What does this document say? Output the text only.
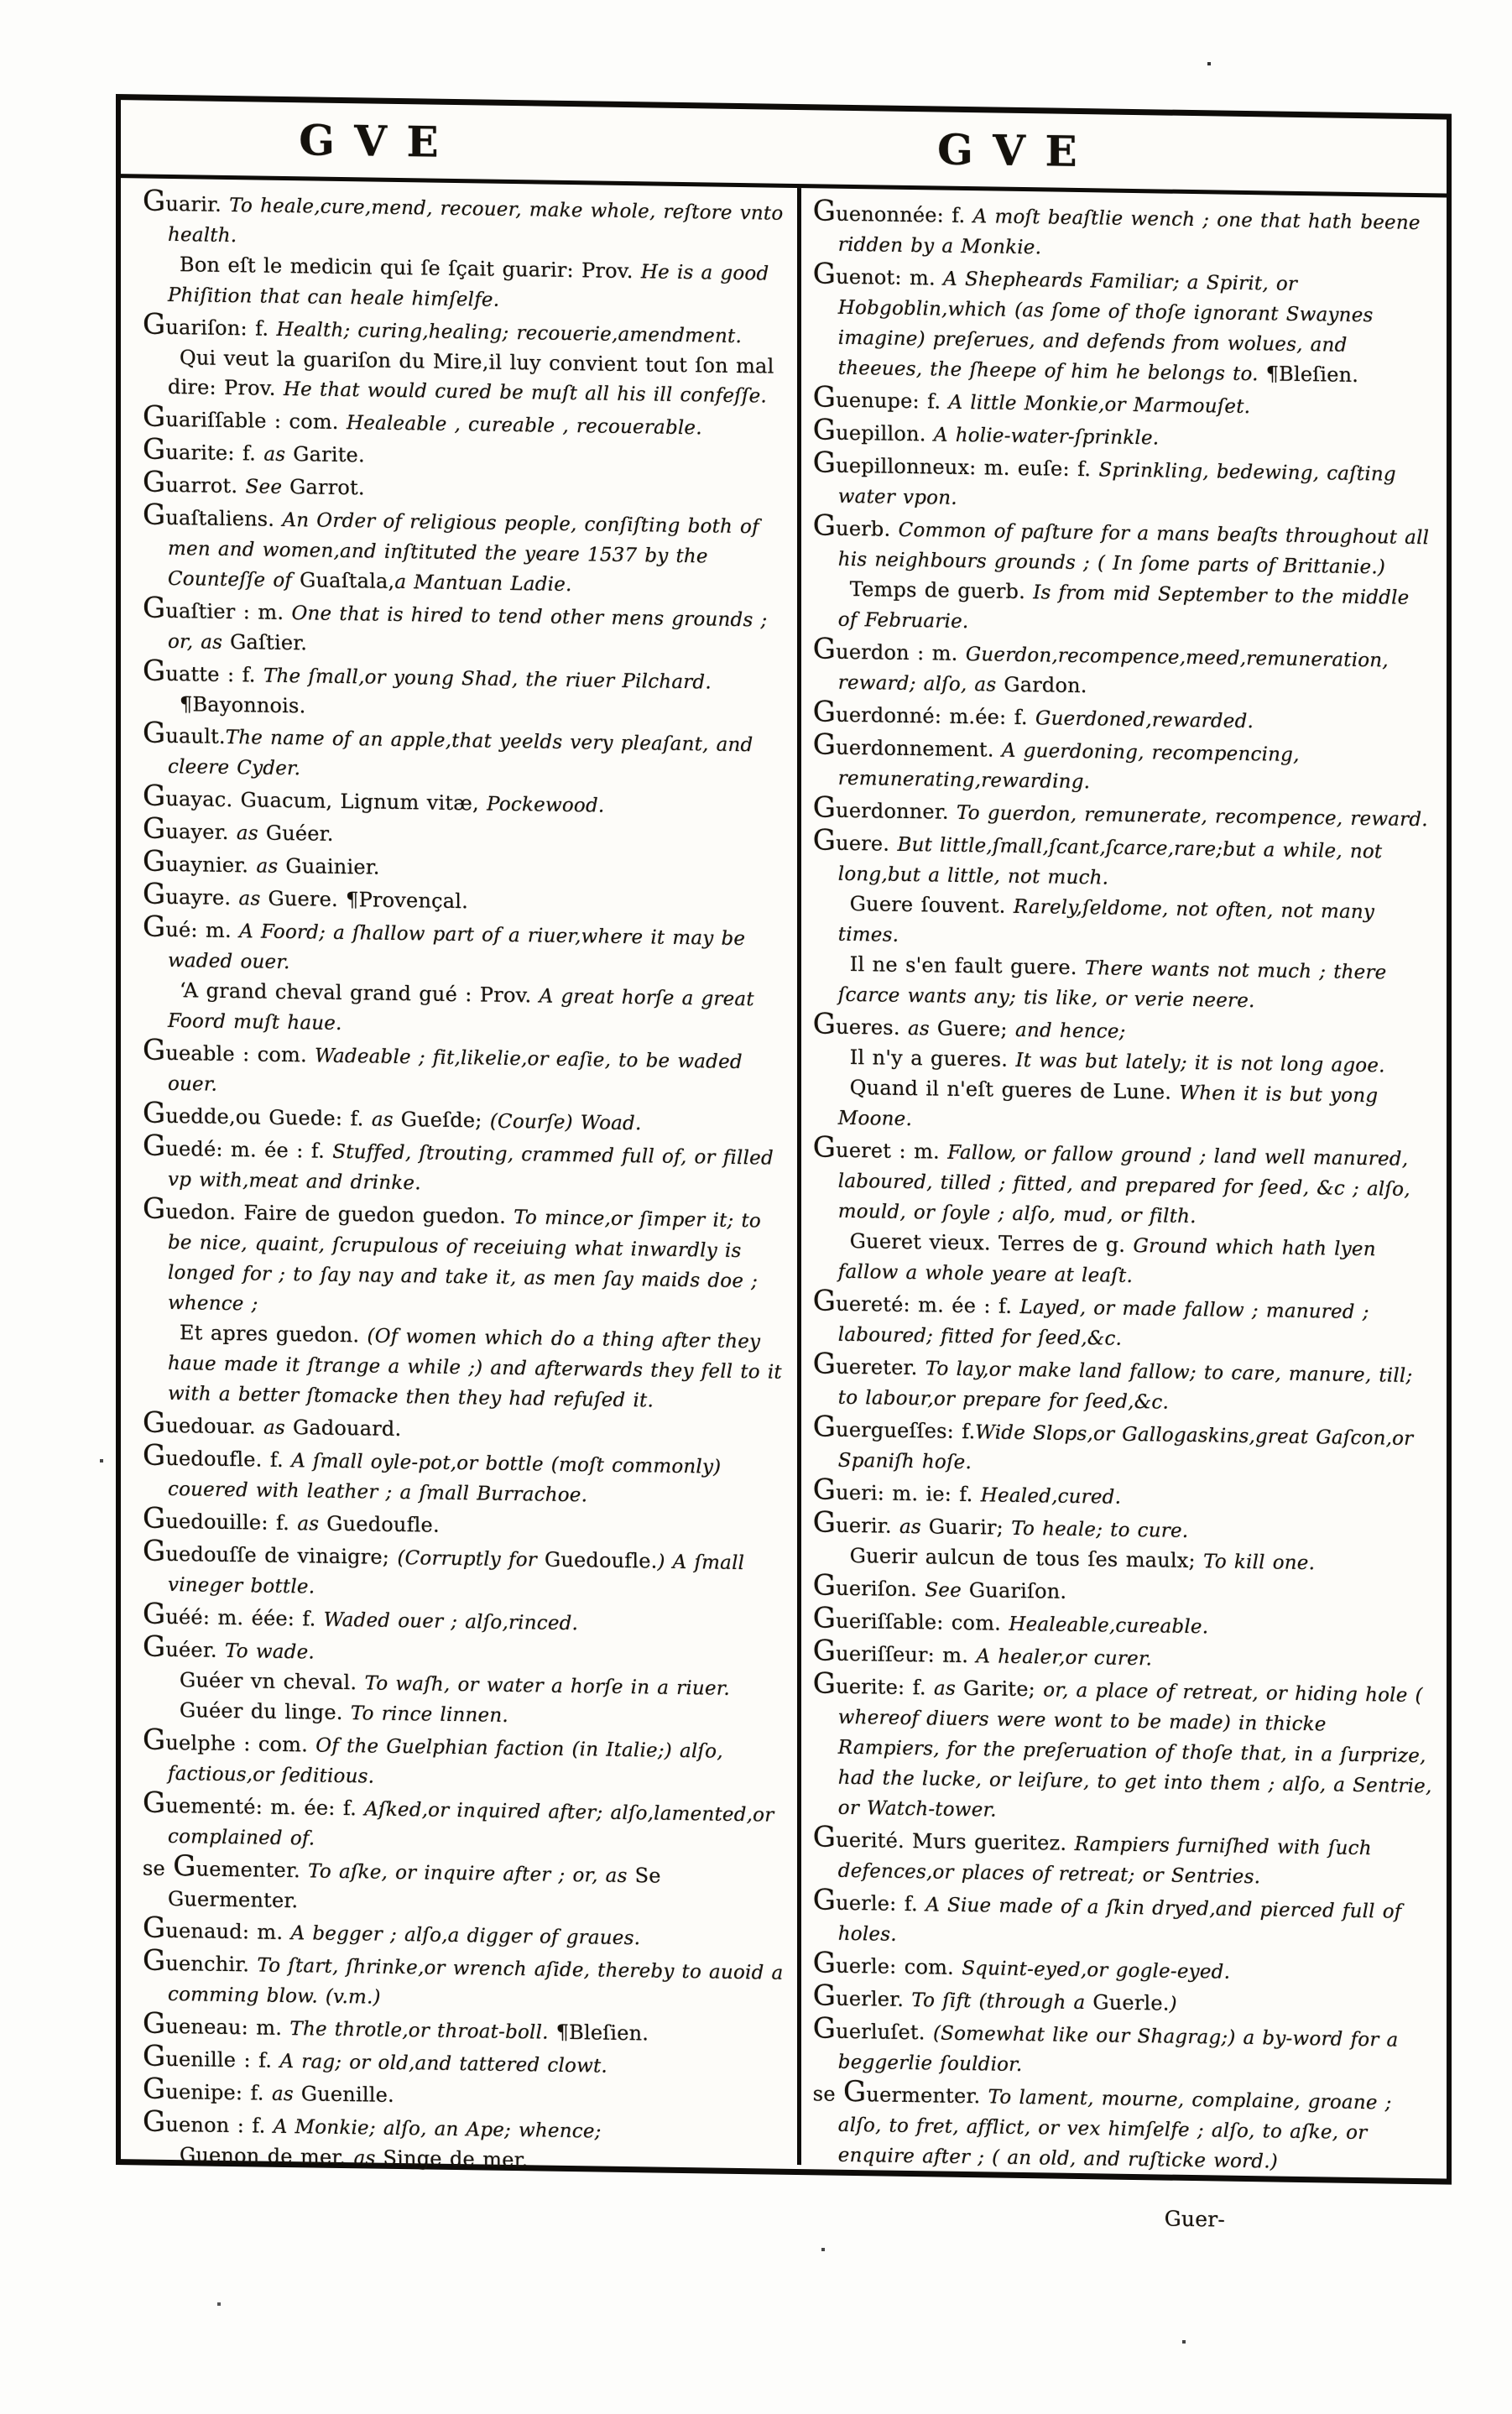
G V E	G V E

Guarir. To heale,cure,mend, recouer, make whole, reſtore vnto health.

Bon eſt le medicin qui ſe ſçait guarir: Prov. He is a good Phiſition that can heale himſelfe.

Guariſon: f. Health; curing,healing; recouerie,amendment.

Qui veut la guariſon du Mire,il luy convient tout ſon mal dire: Prov. He that would cured be muſt all his ill confeſſe.

Guariſſable : com. Healeable , cureable , recouerable.

Guarite: f. as Garite.

Guarrot. See Garrot.

Guaſtaliens. An Order of religious people, conſiſting both of men and women,and inſtituted the yeare 1537 by the Counteſſe of Guaſtala,a Mantuan Ladie.

Guaſtier : m. One that is hired to tend other mens grounds ; or, as Gaſtier.

Guatte : f. The ſmall,or young Shad, the riuer Pilchard.

¶Bayonnois.

Guault.The name of an apple,that yeelds very pleaſant, and cleere Cyder.

Guayac. Guacum, Lignum vitæ, Pockewood.

Guayer. as Guéer.

Guaynier. as Guainier.

Guayre. as Guere. ¶Provençal.

Gué: m. A Foord; a ſhallow part of a riuer,where it may be waded ouer.

‘A grand cheval grand gué : Prov. A great horſe a great Foord muſt haue.

Gueable : com. Wadeable ; fit,likelie,or eaſie, to be waded ouer.

Guedde,ou Guede: f. as Gueſde; (Courſe) Woad.

Guedé: m. ée : f. Stuffed, ſtrouting, crammed full of, or filled vp with,meat and drinke.

Guedon. Faire de guedon guedon. To mince,or ſimper it; to be nice, quaint, ſcrupulous of receiuing what inwardly is longed for ; to ſay nay and take it, as men ſay maids doe ; whence ;

Et apres guedon. (Of women which do a thing after they haue made it ſtrange a while ;) and afterwards they fell to it with a better ſtomacke then they had refuſed it.

Guedouar. as Gadouard.

Guedoufle. f. A ſmall oyle-pot,or bottle (moſt commonly) couered with leather ; a ſmall Burrachoe.

Guedouille: f. as Guedoufle.

Guedouſſe de vinaigre; (Corruptly for Guedoufle.) A ſmall vineger bottle.

Guéé: m. éée: f. Waded ouer ; alſo,rinced.

Guéer. To wade.

Guéer vn cheval. To waſh, or water a horſe in a riuer.

Guéer du linge. To rince linnen.

Guelphe : com. Of the Guelphian faction (in Italie;) alſo, factious,or ſeditious.

Guementé: m. ée: f. Aſked,or inquired after; alſo,lamented,or complained of.

se Guementer. To aſke, or inquire after ; or, as Se Guermenter.

Guenaud: m. A begger ; alſo,a digger of graues.

Guenchir. To ſtart, ſhrinke,or wrench aſide, thereby to auoid a comming blow. (v.m.)

Gueneau: m. The throtle,or throat-boll. ¶Bleſien.

Guenille : f. A rag; or old,and tattered clowt.

Guenipe: f. as Guenille.

Guenon : f. A Monkie; alſo, an Ape; whence;

Guenon de mer. as Singe de mer.

Guenonnée: f. A moſt beaſtlie wench ; one that hath beene ridden by a Monkie.

Guenot: m. A Shepheards Familiar; a Spirit, or Hobgoblin,which (as ſome of thoſe ignorant Swaynes imagine) preſerues, and defends from wolues, and theeues, the ſheepe of him he belongs to. ¶Bleſien.

Guenupe: f. A little Monkie,or Marmouſet.

Guepillon. A holie-water-ſprinkle.

Guepillonneux: m. euſe: f. Sprinkling, bedewing, caſting water vpon.

Guerb. Common of paſture for a mans beaſts throughout all his neighbours grounds ; ( In ſome parts of Brittanie.)

Temps de guerb. Is from mid September to the middle of Februarie.

Guerdon : m. Guerdon,recompence,meed,remuneration, reward; alſo, as Gardon.

Guerdonné: m.ée: f. Guerdoned,rewarded.

Guerdonnement. A guerdoning, recompencing, remunerating,rewarding.

Guerdonner. To guerdon, remunerate, recompence, reward.

Guere. But little,ſmall,ſcant,ſcarce,rare;but a while, not long,but a little, not much.

Guere ſouvent. Rarely,ſeldome, not often, not many times.

Il ne s'en fault guere. There wants not much ; there ſcarce wants any; tis like, or verie neere.

Gueres. as Guere; and hence;

Il n'y a gueres. It was but lately; it is not long agoe.

Quand il n'eſt gueres de Lune. When it is but yong Moone.

Gueret : m. Fallow, or fallow ground ; land well manured, laboured, tilled ; fitted, and prepared for ſeed, &c ; alſo, mould, or ſoyle ; alſo, mud, or filth.

Gueret vieux. Terres de g. Ground which hath lyen fallow a whole yeare at leaſt.

Guereté: m. ée : f. Layed, or made fallow ; manured ; laboured; fitted for ſeed,&c.

Guereter. To lay,or make land fallow; to care, manure, till; to labour,or prepare for ſeed,&c.

Guergueſſes: f.Wide Slops,or Gallogaskins,great Gaſcon,or Spaniſh hoſe.

Gueri: m. ie: f. Healed,cured.

Guerir. as Guarir; To heale; to cure.

Guerir aulcun de tous ſes maulx; To kill one.

Gueriſon. See Guariſon.

Gueriſſable: com. Healeable,cureable.

Gueriſſeur: m. A healer,or curer.

Guerite: f. as Garite; or, a place of retreat, or hiding hole ( whereof diuers were wont to be made) in thicke Rampiers, for the preſeruation of thoſe that, in a ſurprize, had the lucke, or leiſure, to get into them ; alſo, a Sentrie, or Watch-tower.

Guerité. Murs gueritez. Rampiers furniſhed with ſuch defences,or places of retreat; or Sentries.

Guerle: f. A Siue made of a ſkin dryed,and pierced full of holes.

Guerle: com. Squint-eyed,or gogle-eyed.

Guerler. To ſift (through a Guerle.)

Guerluſet. (Somewhat like our Shagrag;) a by-word for a beggerlie ſouldior.

se Guermenter. To lament, mourne, complaine, groane ; alſo, to fret, afflict, or vex himſelfe ; alſo, to aſke, or enquire after ; ( an old, and ruſticke word.)

Guer-
